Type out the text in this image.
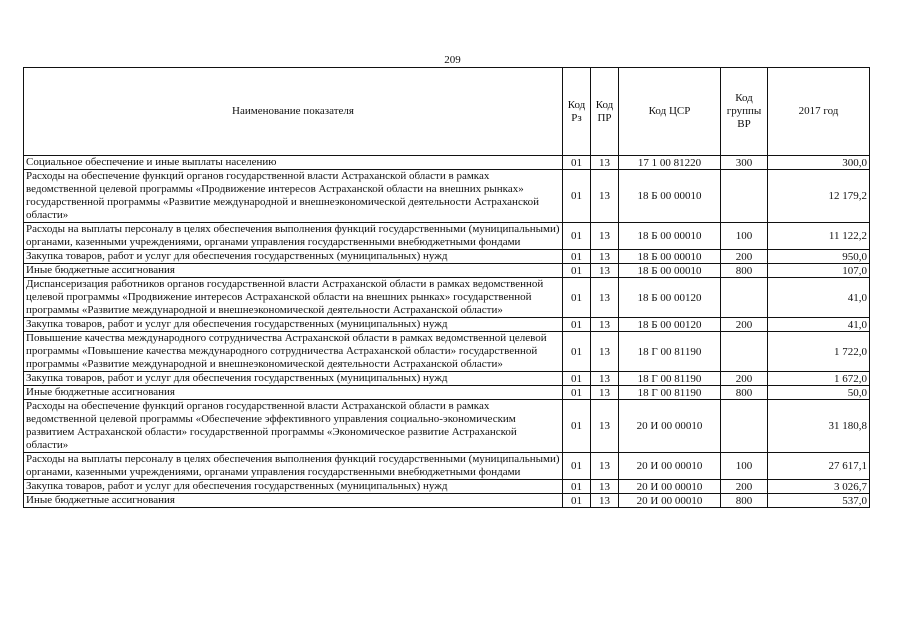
209
Наименование показателя	Код Рз	Код ПР	Код ЦСР	Код группы ВР	2017 год
Социальное обеспечение и иные выплаты населению	01	13	17 1 00 81220	300	300,0
Расходы на обеспечение функций органов государственной власти Астраханской области в рамках ведомственной целевой программы «Продвижение интересов Астраханской области на внешних рынках» государственной программы «Развитие международной и внешнеэкономической деятельности Астраханской области»	01	13	18 Б 00 00010		12 179,2
Расходы на выплаты персоналу в целях обеспечения выполнения функций государственными (муниципальными) органами, казенными учреждениями, органами управления государственными внебюджетными фондами	01	13	18 Б 00 00010	100	11 122,2
Закупка товаров, работ и услуг для обеспечения государственных (муниципальных) нужд	01	13	18 Б 00 00010	200	950,0
Иные бюджетные ассигнования	01	13	18 Б 00 00010	800	107,0
Диспансеризация работников органов государственной власти Астраханской области в рамках ведомственной целевой программы «Продвижение интересов Астраханской области на внешних рынках» государственной программы «Развитие международной и внешнеэкономической деятельности Астраханской области»	01	13	18 Б 00 00120		41,0
Закупка товаров, работ и услуг для обеспечения государственных (муниципальных) нужд	01	13	18 Б 00 00120	200	41,0
Повышение качества международного сотрудничества Астраханской области в рамках ведомственной целевой программы «Повышение качества международного сотрудничества Астраханской области» государственной программы «Развитие международной и внешнеэкономической деятельности Астраханской области»	01	13	18 Г 00 81190		1 722,0
Закупка товаров, работ и услуг для обеспечения государственных (муниципальных) нужд	01	13	18 Г 00 81190	200	1 672,0
Иные бюджетные ассигнования	01	13	18 Г 00 81190	800	50,0
Расходы на обеспечение функций органов государственной власти Астраханской области в рамках ведомственной целевой программы «Обеспечение эффективного управления социально-экономическим развитием Астраханской области» государственной программы «Экономическое развитие Астраханской области»	01	13	20 И 00 00010		31 180,8
Расходы на выплаты персоналу в целях обеспечения выполнения функций государственными (муниципальными) органами, казенными учреждениями, органами управления государственными внебюджетными фондами	01	13	20 И 00 00010	100	27 617,1
Закупка товаров, работ и услуг для обеспечения государственных (муниципальных) нужд	01	13	20 И 00 00010	200	3 026,7
Иные бюджетные ассигнования	01	13	20 И 00 00010	800	537,0
